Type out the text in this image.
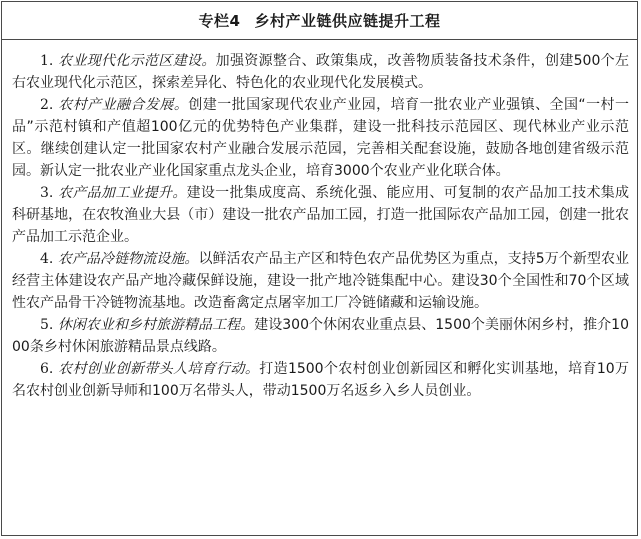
专栏4 乡村产业链供应链提升工程

1. 农业现代化示范区建设。加强资源整合、政策集成，改善物质装备技术条件，创建500个左右农业现代化示范区，探索差异化、特色化的农业现代化发展模式。

2. 农村产业融合发展。创建一批国家现代农业产业园，培育一批农业产业强镇、全国“一村一品”示范村镇和产值超100亿元的优势特色产业集群，建设一批科技示范园区、现代林业产业示范区。继续创建认定一批国家农村产业融合发展示范园，完善相关配套设施，鼓励各地创建省级示范园。新认定一批农业产业化国家重点龙头企业，培育3000个农业产业化联合体。

3. 农产品加工业提升。建设一批集成度高、系统化强、能应用、可复制的农产品加工技术集成科研基地，在农牧渔业大县（市）建设一批农产品加工园，打造一批国际农产品加工园，创建一批农产品加工示范企业。

4. 农产品冷链物流设施。以鲜活农产品主产区和特色农产品优势区为重点，支持5万个新型农业经营主体建设农产品产地冷藏保鲜设施，建设一批产地冷链集配中心。建设30个全国性和70个区域性农产品骨干冷链物流基地。改造畜禽定点屠宰加工厂冷链储藏和运输设施。

5. 休闲农业和乡村旅游精品工程。建设300个休闲农业重点县、1500个美丽休闲乡村，推介1000条乡村休闲旅游精品景点线路。

6. 农村创业创新带头人培育行动。打造1500个农村创业创新园区和孵化实训基地，培育10万名农村创业创新导师和100万名带头人，带动1500万名返乡入乡人员创业。
